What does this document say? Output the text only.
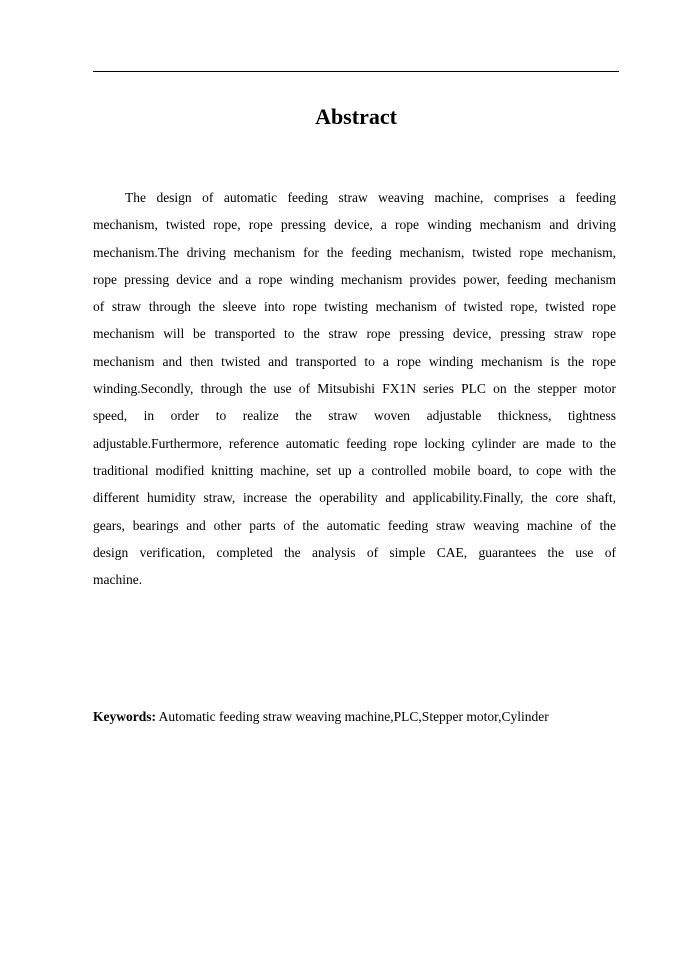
Abstract

The design of automatic feeding straw weaving machine, comprises a feeding mechanism, twisted rope, rope pressing device, a rope winding mechanism and driving mechanism.The driving mechanism for the feeding mechanism, twisted rope mechanism, rope pressing device and a rope winding mechanism provides power, feeding mechanism of straw through the sleeve into rope twisting mechanism of twisted rope, twisted rope mechanism will be transported to the straw rope pressing device, pressing straw rope mechanism and then twisted and transported to a rope winding mechanism is the rope winding.Secondly, through the use of Mitsubishi FX1N series PLC on the stepper motor speed, in order to realize the straw woven adjustable thickness, tightness adjustable.Furthermore, reference automatic feeding rope locking cylinder are made to the traditional modified knitting machine, set up a controlled mobile board, to cope with the different humidity straw, increase the operability and applicability.Finally, the core shaft, gears, bearings and other parts of the automatic feeding straw weaving machine of the design verification, completed the analysis of simple CAE, guarantees the use of machine.

Keywords: Automatic feeding straw weaving machine,PLC,Stepper motor,Cylinder
